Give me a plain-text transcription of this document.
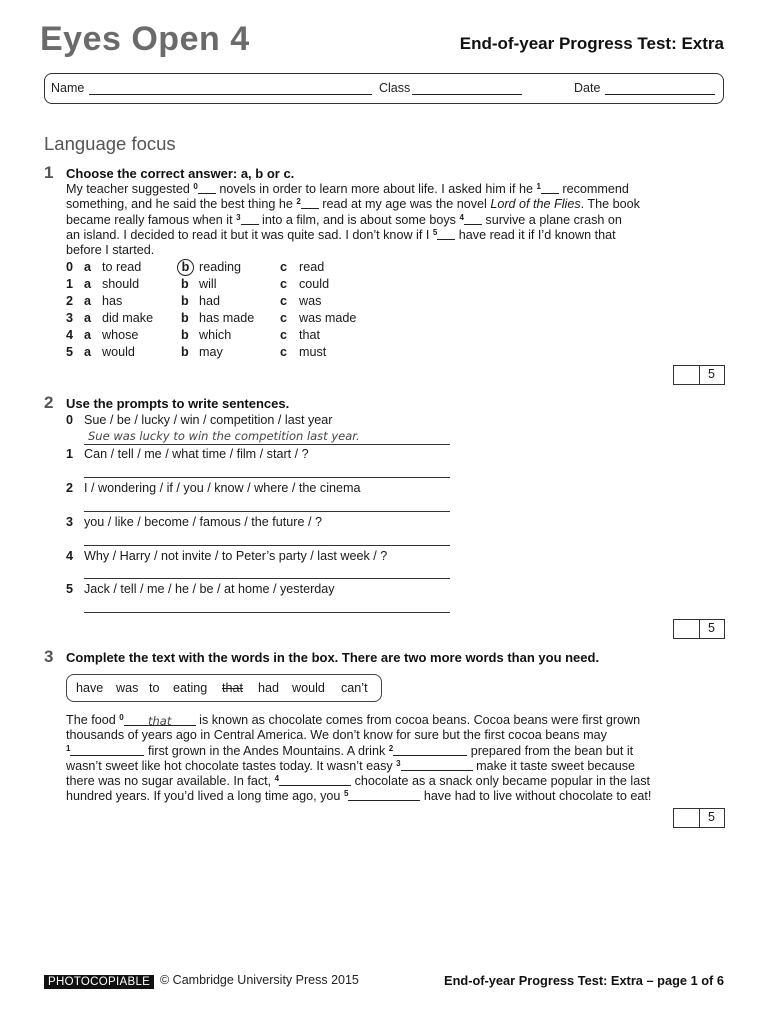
Eyes Open 4	End-of-year Progress Test: Extra
Name	Class	Date
Language focus
1 Choose the correct answer: a, b or c.

My teacher suggested $^0$ novels in order to learn more about life. I asked him if he $^1$ recommend

something, and he said the best thing he $^2$ read at my age was the novel Lord of the Flies. The book

became really famous when it $^3$ into a film, and is about some boys $^4$ survive a plane crash on

an island. I decided to read it but it was quite sad. I don’t know if I $^5$ have read it if I’d known that

before I started.

0 a to read	b reading	c read
1 a should	b will	c could
2 a has	b had	c was
3 a did make b has made c was made
4 a whose	b which	c that
5 a would	b may	c must
5
2 Use the prompts to write sentences.
0 Sue / be / lucky / win / competition / last year
Sue was lucky to win the competition last year.
1 Can / tell / me / what time / film / start / ?
2 I / wondering / if / you / know / where / the cinema
3 you / like / become / famous / the future / ?
4 Why / Harry / not invite / to Peter’s party / last week / ?
5 Jack / tell / me / he / be / at home / yesterday
5
3 Complete the text with the words in the box. There are two more words than you need.
have was to eating that had would can’t

The food $^0$ that is known as chocolate comes from cocoa beans. Cocoa beans were first grown

thousands of years ago in Central America. We don’t know for sure but the first cocoa beans may

$^1$	first grown in the Andes Mountains. A drink $^2$	prepared from the bean but it

wasn’t sweet like hot chocolate tastes today. It wasn’t easy $^3$	make it taste sweet because

there was no sugar available. In fact, $^4$	chocolate as a snack only became popular in the last

hundred years. If you’d lived a long time ago, you $^5$	have had to live without chocolate to eat!

5
PHOTOCOPIABLE © Cambridge University Press 2015	End-of-year Progress Test: Extra – page 1 of 6
